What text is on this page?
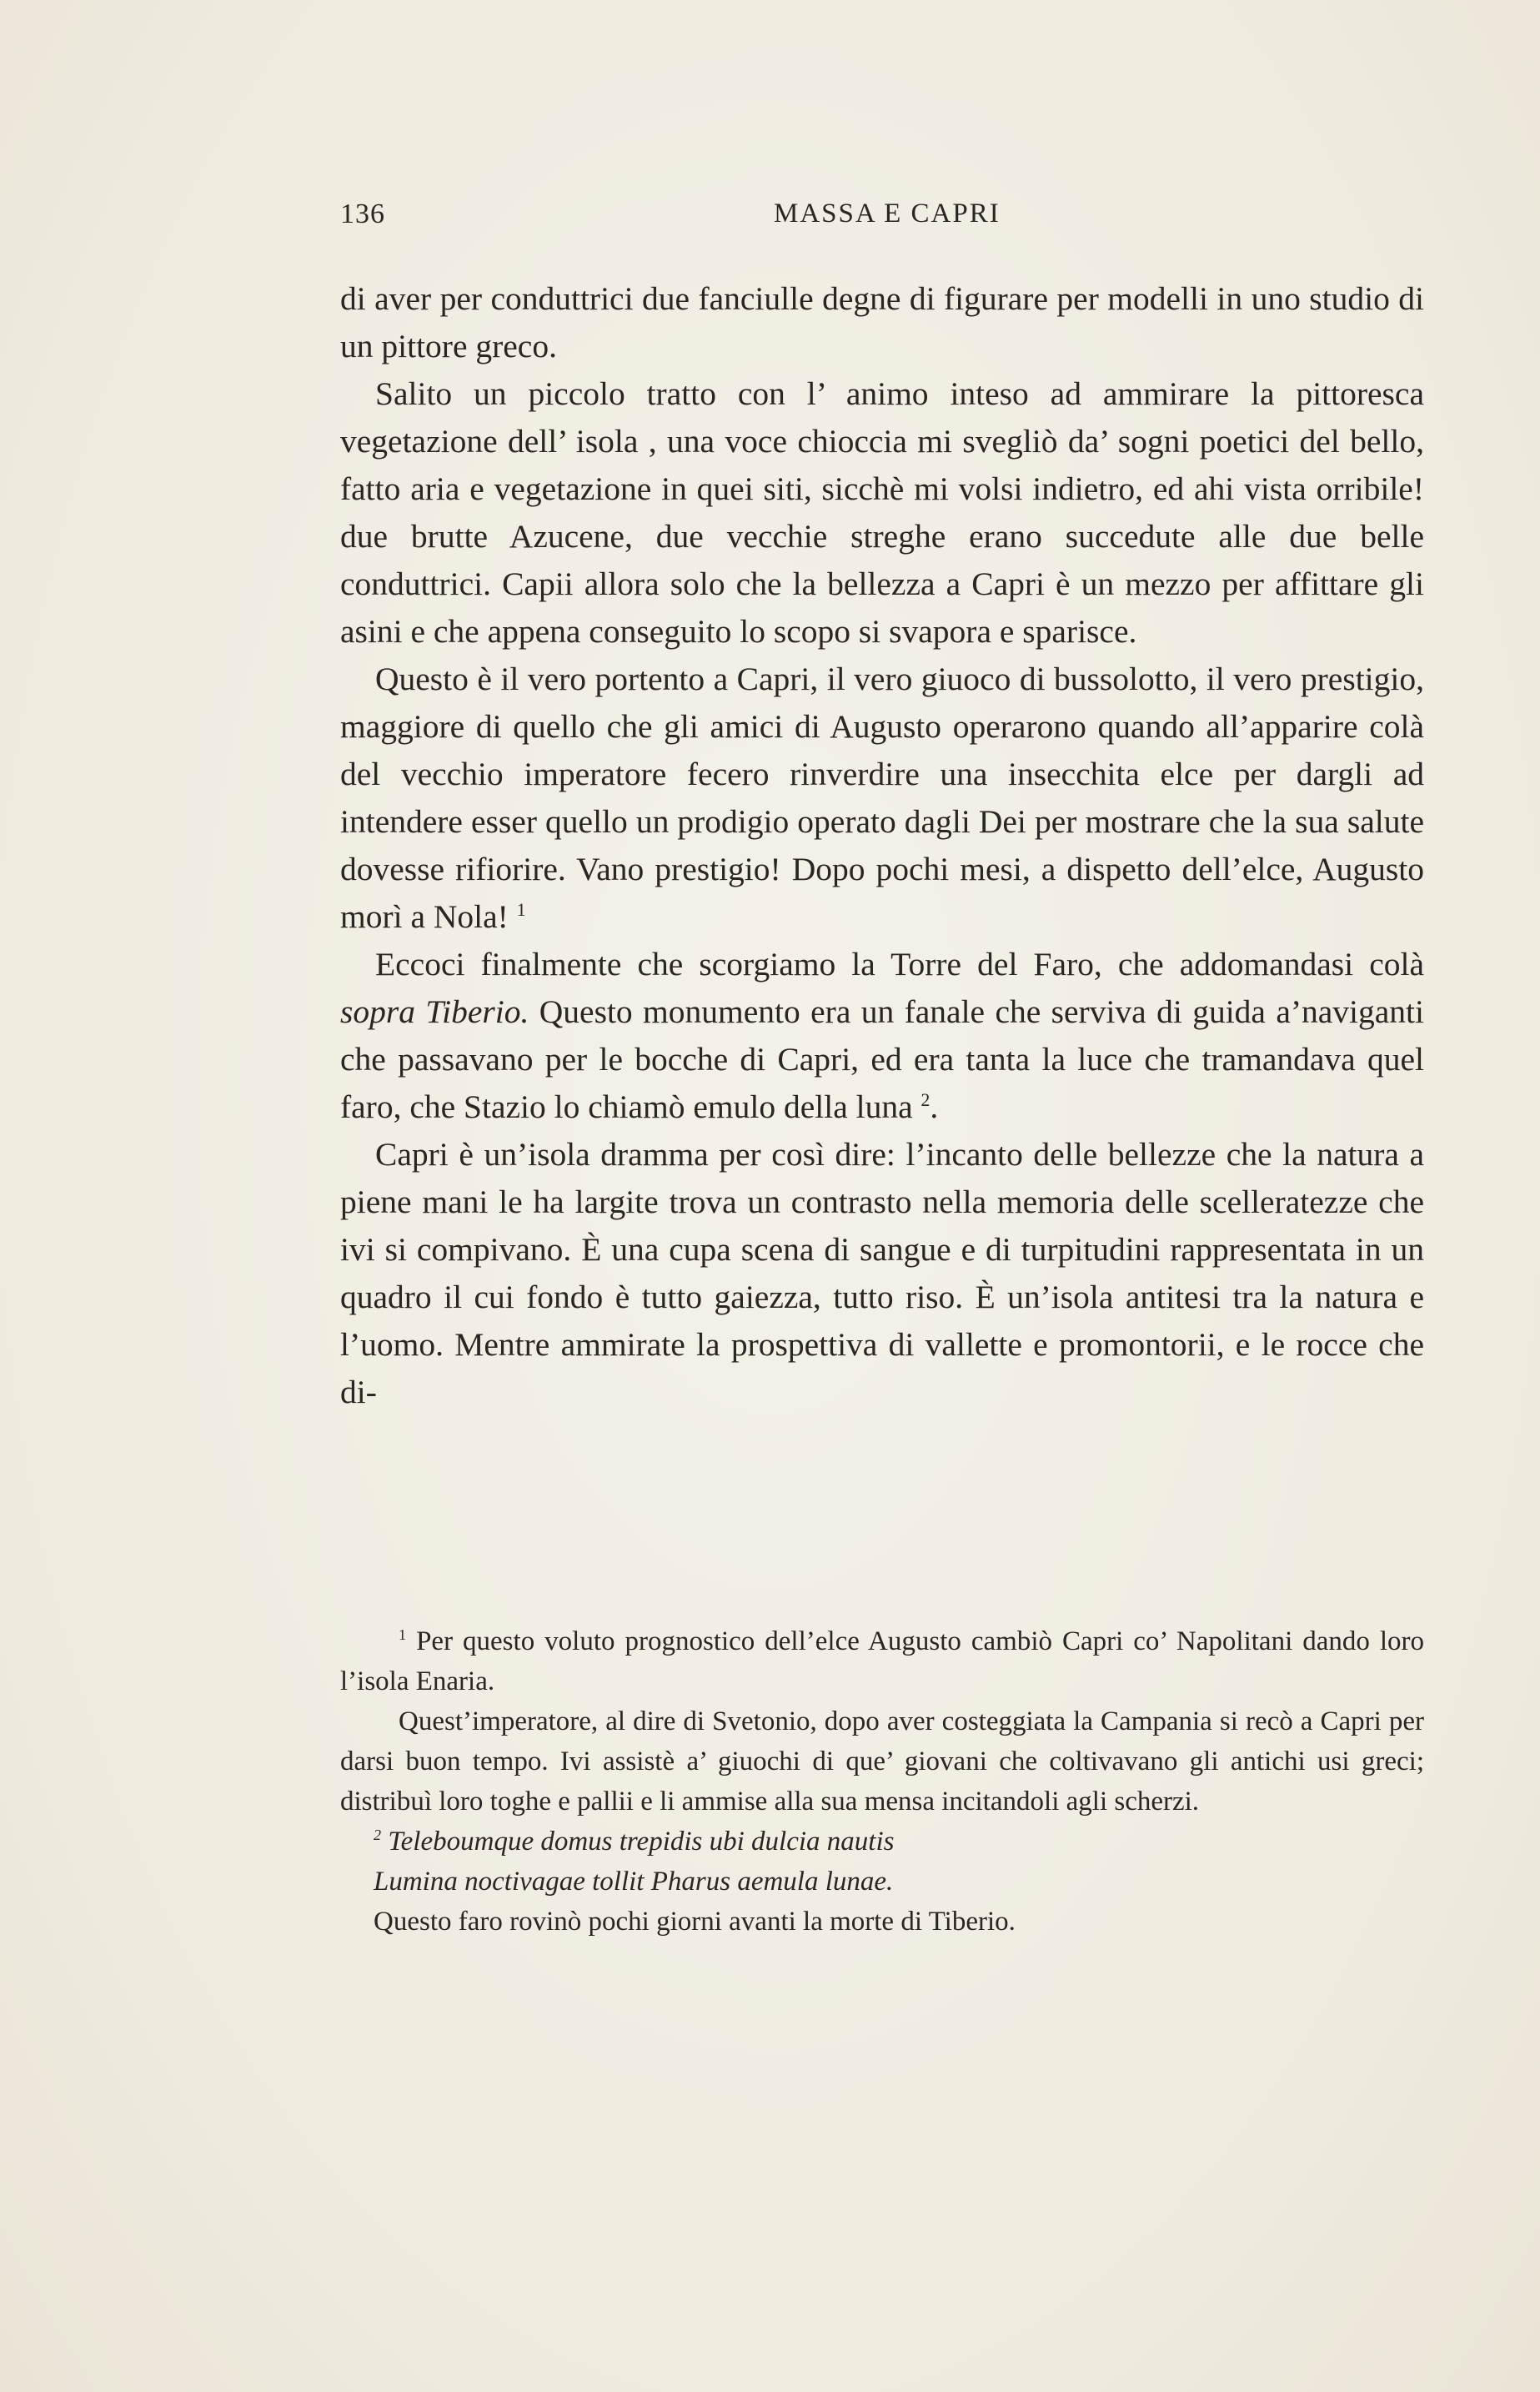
136	MASSA E CAPRI

di aver per conduttrici due fanciulle degne di figurare per modelli in uno studio di un pittore greco.

Salito un piccolo tratto con l’ animo inteso ad ammirare la pittoresca vegetazione dell’ isola , una voce chioccia mi svegliò da’ sogni poetici del bello, fatto aria e vegetazione in quei siti, sicchè mi volsi indietro, ed ahi vista orribile! due brutte Azucene, due vecchie streghe erano succedute alle due belle conduttrici. Capii allora solo che la bellezza a Capri è un mezzo per affittare gli asini e che appena conseguito lo scopo si svapora e sparisce.

Questo è il vero portento a Capri, il vero giuoco di bussolotto, il vero prestigio, maggiore di quello che gli amici di Augusto operarono quando all’apparire colà del vecchio imperatore fecero rinverdire una insecchita elce per dargli ad intendere esser quello un prodigio operato dagli Dei per mostrare che la sua salute dovesse rifiorire. Vano prestigio! Dopo pochi mesi, a dispetto dell’elce, Augusto morì a Nola! $^1$

Eccoci finalmente che scorgiamo la Torre del Faro, che addomandasi colà sopra Tiberio. Questo monumento era un fanale che serviva di guida a’naviganti che passavano per le bocche di Capri, ed era tanta la luce che tramandava quel faro, che Stazio lo chiamò emulo della luna $^2$.

Capri è un’isola dramma per così dire: l’incanto delle bellezze che la natura a piene mani le ha largite trova un contrasto nella memoria delle scelleratezze che ivi si compivano. È una cupa scena di sangue e di turpitudini rappresentata in un quadro il cui fondo è tutto gaiezza, tutto riso. È un’isola antitesi tra la natura e l’uomo. Mentre ammirate la prospettiva di vallette e promontorii, e le rocce che di-

$^1$ Per questo voluto prognostico dell’elce Augusto cambiò Capri co’ Napolitani dando loro l’isola Enaria.

Quest’imperatore, al dire di Svetonio, dopo aver costeggiata la Campania si recò a Capri per darsi buon tempo. Ivi assistè a’ giuochi di que’ giovani che coltivavano gli antichi usi greci; distribuì loro toghe e pallii e li ammise alla sua mensa incitandoli agli scherzi.

$^2$ Teleboumque domus trepidis ubi dulcia nautis

Lumina noctivagae tollit Pharus aemula lunae.

Questo faro rovinò pochi giorni avanti la morte di Tiberio.
